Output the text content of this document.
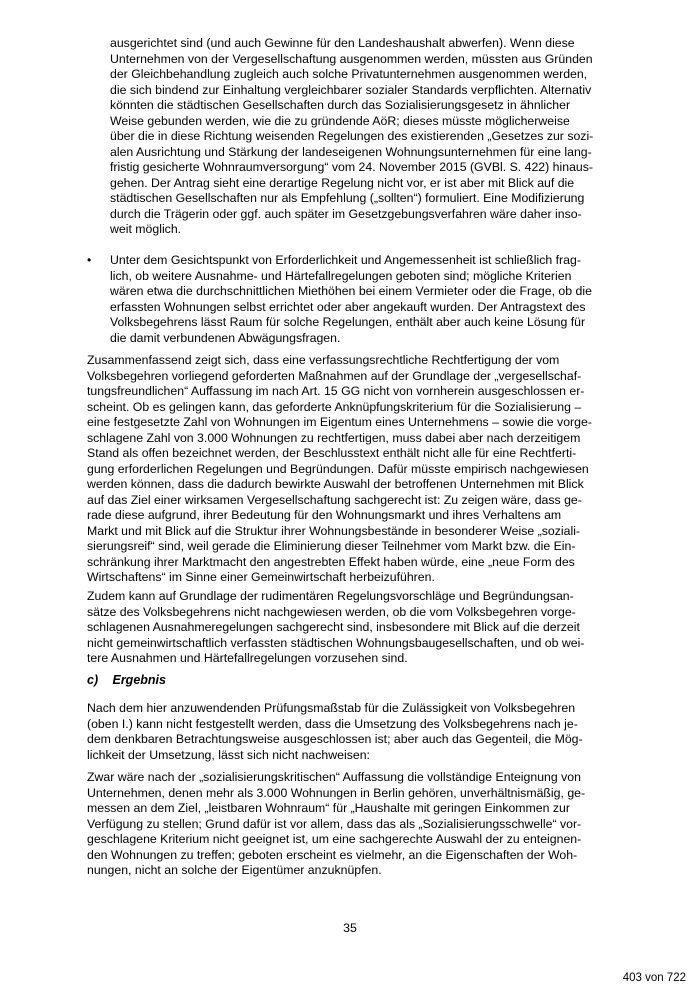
ausgerichtet sind (und auch Gewinne für den Landeshaushalt abwerfen). Wenn diese
Unternehmen von der Vergesellschaftung ausgenommen werden, müssten aus Gründen
der Gleichbehandlung zugleich auch solche Privatunternehmen ausgenommen werden,
die sich bindend zur Einhaltung vergleichbarer sozialer Standards verpflichten. Alternativ
könnten die städtischen Gesellschaften durch das Sozialisierungsgesetz in ähnlicher
Weise gebunden werden, wie die zu gründende AöR; dieses müsste möglicherweise
über die in diese Richtung weisenden Regelungen des existierenden „Gesetzes zur sozi-
alen Ausrichtung und Stärkung der landeseigenen Wohnungsunternehmen für eine lang-
fristig gesicherte Wohnraumversorgung“ vom 24. November 2015 (GVBl. S. 422) hinaus-
gehen. Der Antrag sieht eine derartige Regelung nicht vor, er ist aber mit Blick auf die
städtischen Gesellschaften nur als Empfehlung („sollten“) formuliert. Eine Modifizierung
durch die Trägerin oder ggf. auch später im Gesetzgebungsverfahren wäre daher inso-
weit möglich.
• Unter dem Gesichtspunkt von Erforderlichkeit und Angemessenheit ist schließlich frag-
lich, ob weitere Ausnahme- und Härtefallregelungen geboten sind; mögliche Kriterien
wären etwa die durchschnittlichen Miethöhen bei einem Vermieter oder die Frage, ob die
erfassten Wohnungen selbst errichtet oder aber angekauft wurden. Der Antragstext des
Volksbegehrens lässt Raum für solche Regelungen, enthält aber auch keine Lösung für
die damit verbundenen Abwägungsfragen.
Zusammenfassend zeigt sich, dass eine verfassungsrechtliche Rechtfertigung der vom
Volksbegehren vorliegend geforderten Maßnahmen auf der Grundlage der „vergesellschaf-
tungsfreundlichen“ Auffassung im nach Art. 15 GG nicht von vornherein ausgeschlossen er-
scheint. Ob es gelingen kann, das geforderte Anknüpfungskriterium für die Sozialisierung –
eine festgesetzte Zahl von Wohnungen im Eigentum eines Unternehmens – sowie die vorge-
schlagene Zahl von 3.000 Wohnungen zu rechtfertigen, muss dabei aber nach derzeitigem
Stand als offen bezeichnet werden, der Beschlusstext enthält nicht alle für eine Rechtferti-
gung erforderlichen Regelungen und Begründungen. Dafür müsste empirisch nachgewiesen
werden können, dass die dadurch bewirkte Auswahl der betroffenen Unternehmen mit Blick
auf das Ziel einer wirksamen Vergesellschaftung sachgerecht ist: Zu zeigen wäre, dass ge-
rade diese aufgrund, ihrer Bedeutung für den Wohnungsmarkt und ihres Verhaltens am
Markt und mit Blick auf die Struktur ihrer Wohnungsbestände in besonderer Weise „soziali-
sierungsreif“ sind, weil gerade die Eliminierung dieser Teilnehmer vom Markt bzw. die Ein-
schränkung ihrer Marktmacht den angestrebten Effekt haben würde, eine „neue Form des
Wirtschaftens“ im Sinne einer Gemeinwirtschaft herbeizuführen.
Zudem kann auf Grundlage der rudimentären Regelungsvorschläge und Begründungsan-
sätze des Volksbegehrens nicht nachgewiesen werden, ob die vom Volksbegehren vorge-
schlagenen Ausnahmeregelungen sachgerecht sind, insbesondere mit Blick auf die derzeit
nicht gemeinwirtschaftlich verfassten städtischen Wohnungsbaugesellschaften, und ob wei-
tere Ausnahmen und Härtefallregelungen vorzusehen sind.
c) Ergebnis
Nach dem hier anzuwendenden Prüfungsmaßstab für die Zulässigkeit von Volksbegehren
(oben I.) kann nicht festgestellt werden, dass die Umsetzung des Volksbegehrens nach je-
dem denkbaren Betrachtungsweise ausgeschlossen ist; aber auch das Gegenteil, die Mög-
lichkeit der Umsetzung, lässt sich nicht nachweisen:
Zwar wäre nach der „sozialisierungskritischen“ Auffassung die vollständige Enteignung von
Unternehmen, denen mehr als 3.000 Wohnungen in Berlin gehören, unverhältnismäßig, ge-
messen an dem Ziel, „leistbaren Wohnraum“ für „Haushalte mit geringen Einkommen zur
Verfügung zu stellen; Grund dafür ist vor allem, dass das als „Sozialisierungsschwelle“ vor-
geschlagene Kriterium nicht geeignet ist, um eine sachgerechte Auswahl der zu enteignen-
den Wohnungen zu treffen; geboten erscheint es vielmehr, an die Eigenschaften der Woh-
nungen, nicht an solche der Eigentümer anzuknüpfen.
35
403 von 722
